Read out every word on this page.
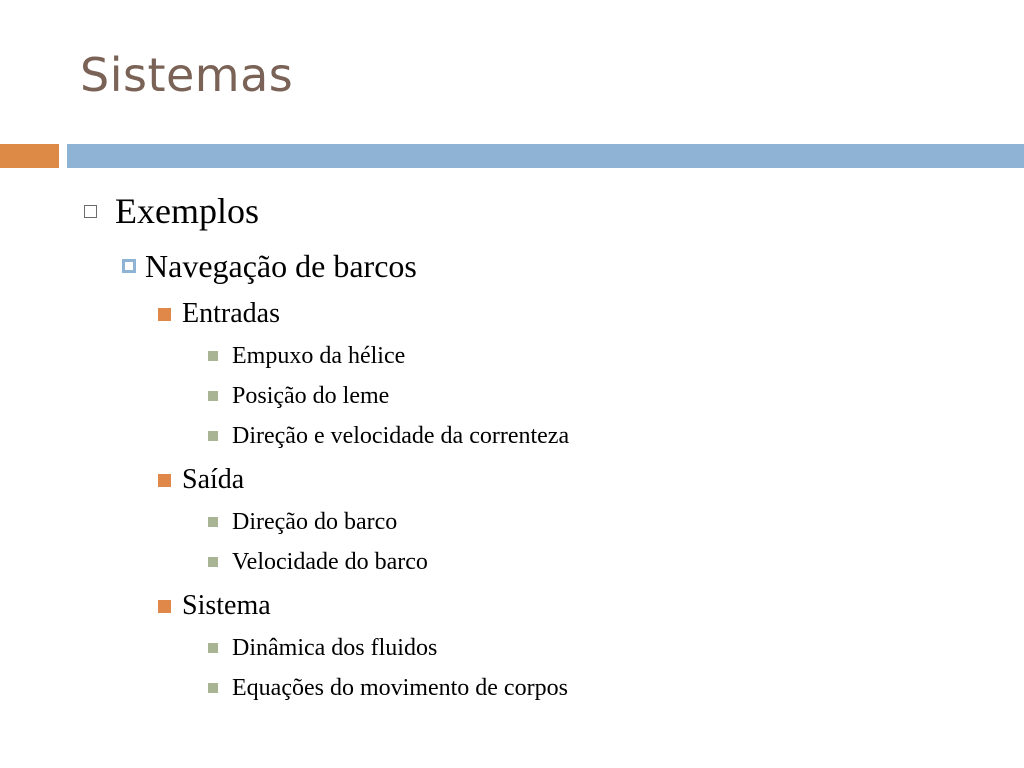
Sistemas
Exemplos
Navegação de barcos
Entradas
Empuxo da hélice
Posição do leme
Direção e velocidade da correnteza
Saída
Direção do barco
Velocidade do barco
Sistema
Dinâmica dos fluidos
Equações do movimento de corpos
